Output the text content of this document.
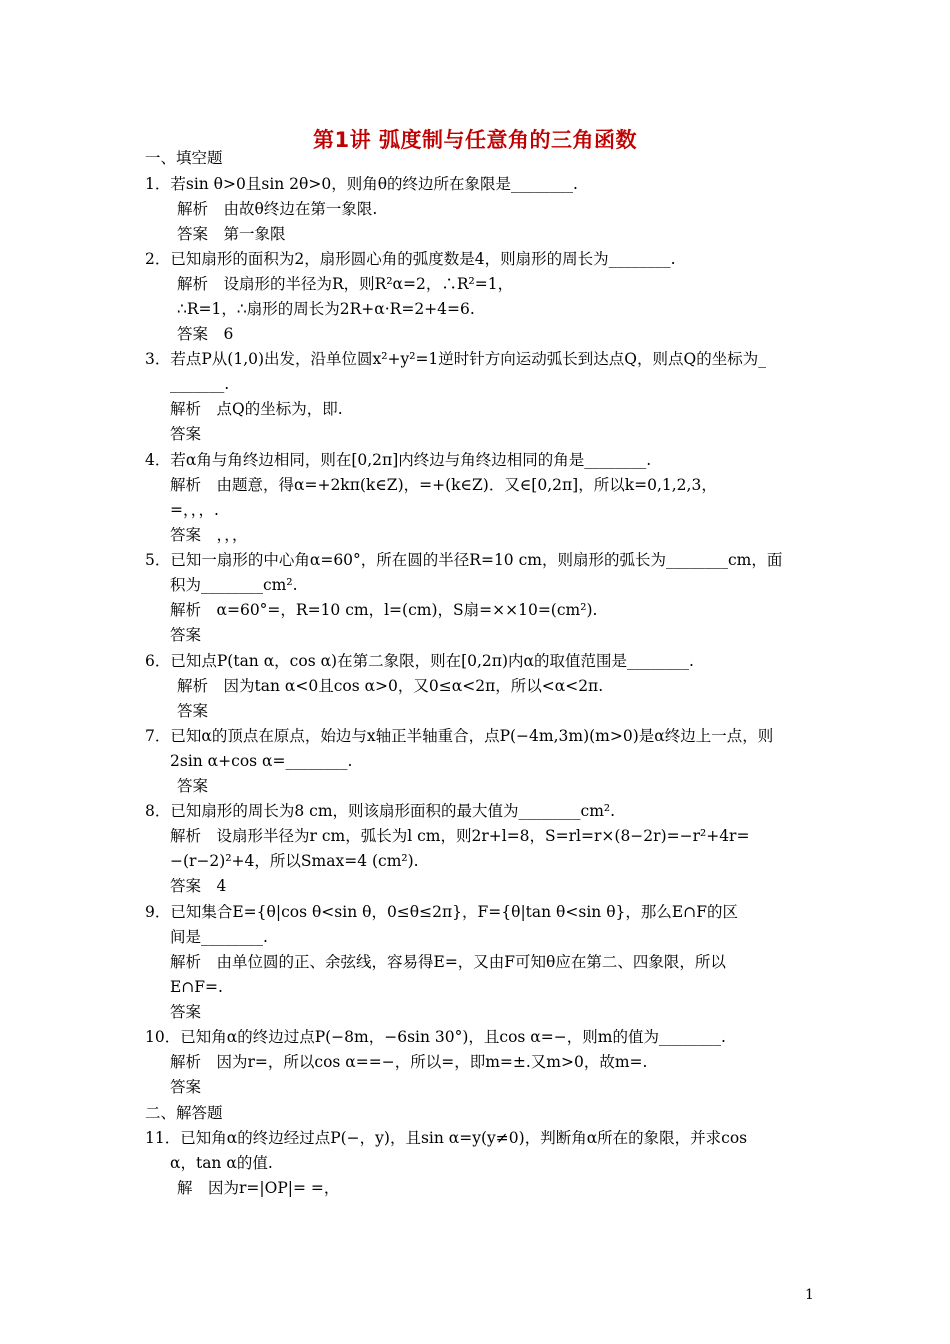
第1讲 弧度制与任意角的三角函数
一、填空题
1．若sin θ>0且sin 2θ>0，则角θ的终边所在象限是________.
解析　由故θ终边在第一象限.
答案　第一象限
2．已知扇形的面积为2，扇形圆心角的弧度数是4，则扇形的周长为________.
解析　设扇形的半径为R，则R²α=2，∴R²=1，
∴R=1，∴扇形的周长为2R+α·R=2+4=6.
答案　6
3．若点P从(1,0)出发，沿单位圆x²+y²=1逆时针方向运动弧长到达点Q，则点Q的坐标为_
_______.
解析　点Q的坐标为，即.
答案
4．若α角与角终边相同，则在[0,2π]内终边与角终边相同的角是________.
解析　由题意，得α=+2kπ(k∈Z)，=+(k∈Z)．又∈[0,2π]，所以k=0,1,2,3，
=，，，.
答案　，，，
5．已知一扇形的中心角α=60°，所在圆的半径R=10 cm，则扇形的弧长为________cm，面
积为________cm².
解析　α=60°=，R=10 cm，l=(cm)，S扇=××10=(cm²).
答案
6．已知点P(tan α，cos α)在第二象限，则在[0,2π)内α的取值范围是________.
解析　因为tan α<0且cos α>0，又0≤α<2π，所以<α<2π.
答案
7．已知α的顶点在原点，始边与x轴正半轴重合，点P(−4m,3m)(m>0)是α终边上一点，则
2sin α+cos α=________.
答案
8．已知扇形的周长为8 cm，则该扇形面积的最大值为________cm².
解析　设扇形半径为r cm，弧长为l cm，则2r+l=8，S=rl=r×(8−2r)=−r²+4r=
−(r−2)²+4，所以Smax=4 (cm²).
答案　4
9．已知集合E={θ|cos θ<sin θ，0≤θ≤2π}，F={θ|tan θ<sin θ}，那么E∩F的区
间是________.
解析　由单位圆的正、余弦线，容易得E=，又由F可知θ应在第二、四象限，所以
E∩F=.
答案
10．已知角α的终边过点P(−8m，−6sin 30°)，且cos α=−，则m的值为________.
解析　因为r=，所以cos α==−，所以=，即m=±.又m>0，故m=.
答案
二、解答题
11．已知角α的终边经过点P(−，y)，且sin α=y(y≠0)，判断角α所在的象限，并求cos
α，tan α的值.
解　因为r=|OP|= =，
1
